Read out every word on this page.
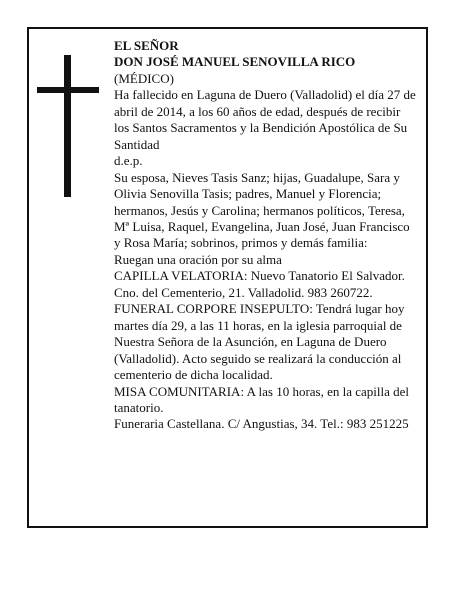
EL SEÑOR

DON JOSÉ MANUEL SENOVILLA RICO

(MÉDICO)

Ha fallecido en Laguna de Duero (Valladolid) el día 27 de abril de 2014, a los 60 años de edad, después de recibir los Santos Sacramentos y la Bendición Apostólica de Su Santidad

d.e.p.

Su esposa, Nieves Tasis Sanz; hijas, Guadalupe, Sara y Olivia Senovilla Tasis; padres, Manuel y Florencia; hermanos, Jesús y Carolina; hermanos políticos, Teresa, Mª Luisa, Raquel, Evangelina, Juan José, Juan Francisco y Rosa María; sobrinos, primos y demás familia:

Ruegan una oración por su alma

CAPILLA VELATORIA: Nuevo Tanatorio El Salvador. Cno. del Cementerio, 21. Valladolid. 983 260722.

FUNERAL CORPORE INSEPULTO: Tendrá lugar hoy martes día 29, a las 11 horas, en la iglesia parroquial de Nuestra Señora de la Asunción, en Laguna de Duero (Valladolid). Acto seguido se realizará la conducción al cementerio de dicha localidad.

MISA COMUNITARIA: A las 10 horas, en la capilla del tanatorio.

Funeraria Castellana. C/ Angustias, 34. Tel.: 983 251225
